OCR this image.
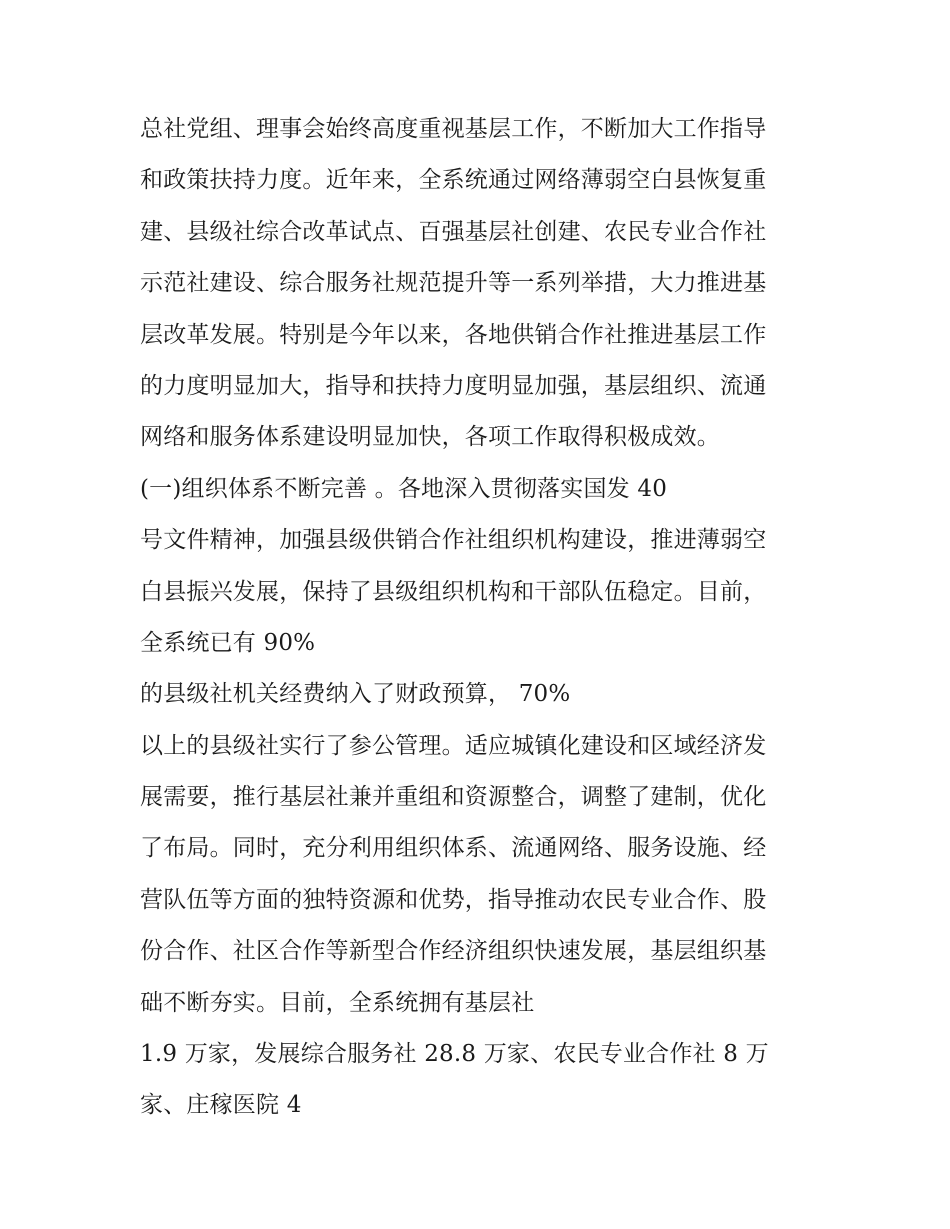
总社党组、理事会始终高度重视基层工作，不断加大工作指导
和政策扶持力度。近年来，全系统通过网络薄弱空白县恢复重
建、县级社综合改革试点、百强基层社创建、农民专业合作社
示范社建设、综合服务社规范提升等一系列举措，大力推进基
层改革发展。特别是今年以来，各地供销合作社推进基层工作
的力度明显加大，指导和扶持力度明显加强，基层组织、流通
网络和服务体系建设明显加快，各项工作取得积极成效。
(一)组织体系不断完善 。各地深入贯彻落实国发 40
号文件精神，加强县级供销合作社组织机构建设，推进薄弱空
白县振兴发展，保持了县级组织机构和干部队伍稳定。目前，
全系统已有 90%
的县级社机关经费纳入了财政预算， 70%
以上的县级社实行了参公管理。适应城镇化建设和区域经济发
展需要，推行基层社兼并重组和资源整合，调整了建制，优化
了布局。同时，充分利用组织体系、流通网络、服务设施、经
营队伍等方面的独特资源和优势，指导推动农民专业合作、股
份合作、社区合作等新型合作经济组织快速发展，基层组织基
础不断夯实。目前，全系统拥有基层社
1.9 万家，发展综合服务社 28.8 万家、农民专业合作社 8 万
家、庄稼医院 4
